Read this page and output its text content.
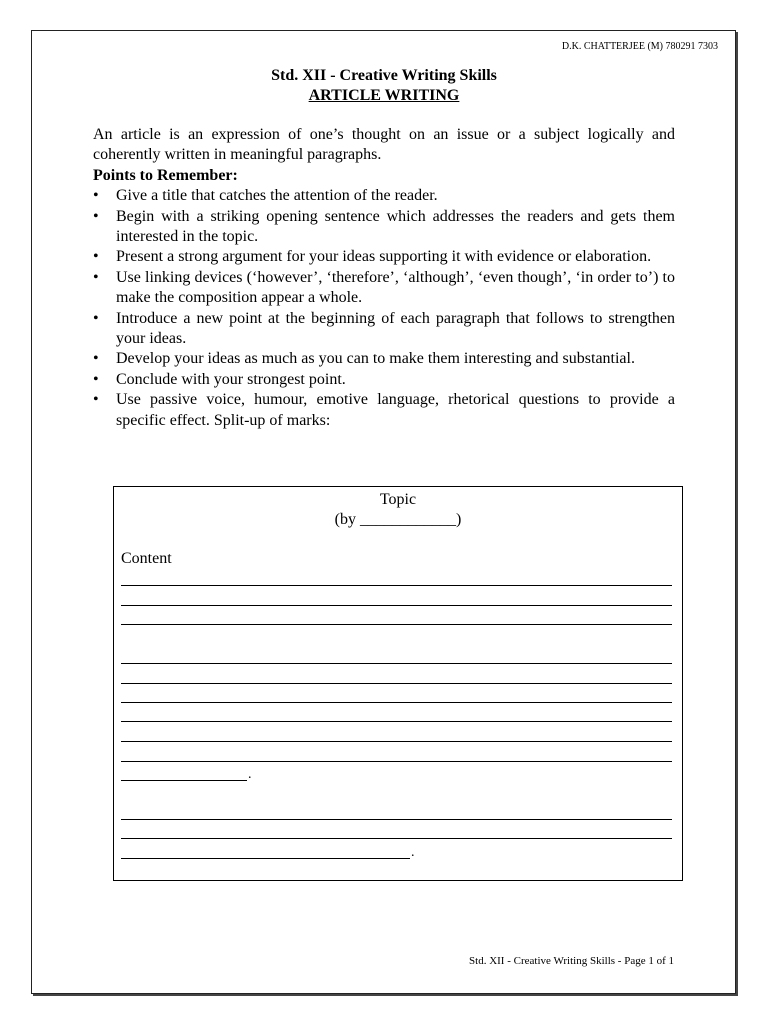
D.K. CHATTERJEE (M) 780291 7303
Std. XII - Creative Writing Skills
ARTICLE WRITING

An article is an expression of one’s thought on an issue or a subject logically and coherently written in meaningful paragraphs.

Points to Remember:

• Give a title that catches the attention of the reader.
• Begin with a striking opening sentence which addresses the readers and gets them interested in the topic.
• Present a strong argument for your ideas supporting it with evidence or elaboration.
• Use linking devices (‘however’, ‘therefore’, ‘although’, ‘even though’, ‘in order to’) to make the composition appear a whole.
• Introduce a new point at the beginning of each paragraph that follows to strengthen your ideas.
• Develop your ideas as much as you can to make them interesting and substantial.
• Conclude with your strongest point.
• Use passive voice, humour, emotive language, rhetorical questions to provide a specific effect. Split-up of marks:
Topic
(by ____________)
Content
.
.
Std. XII - Creative Writing Skills - Page 1 of 1
